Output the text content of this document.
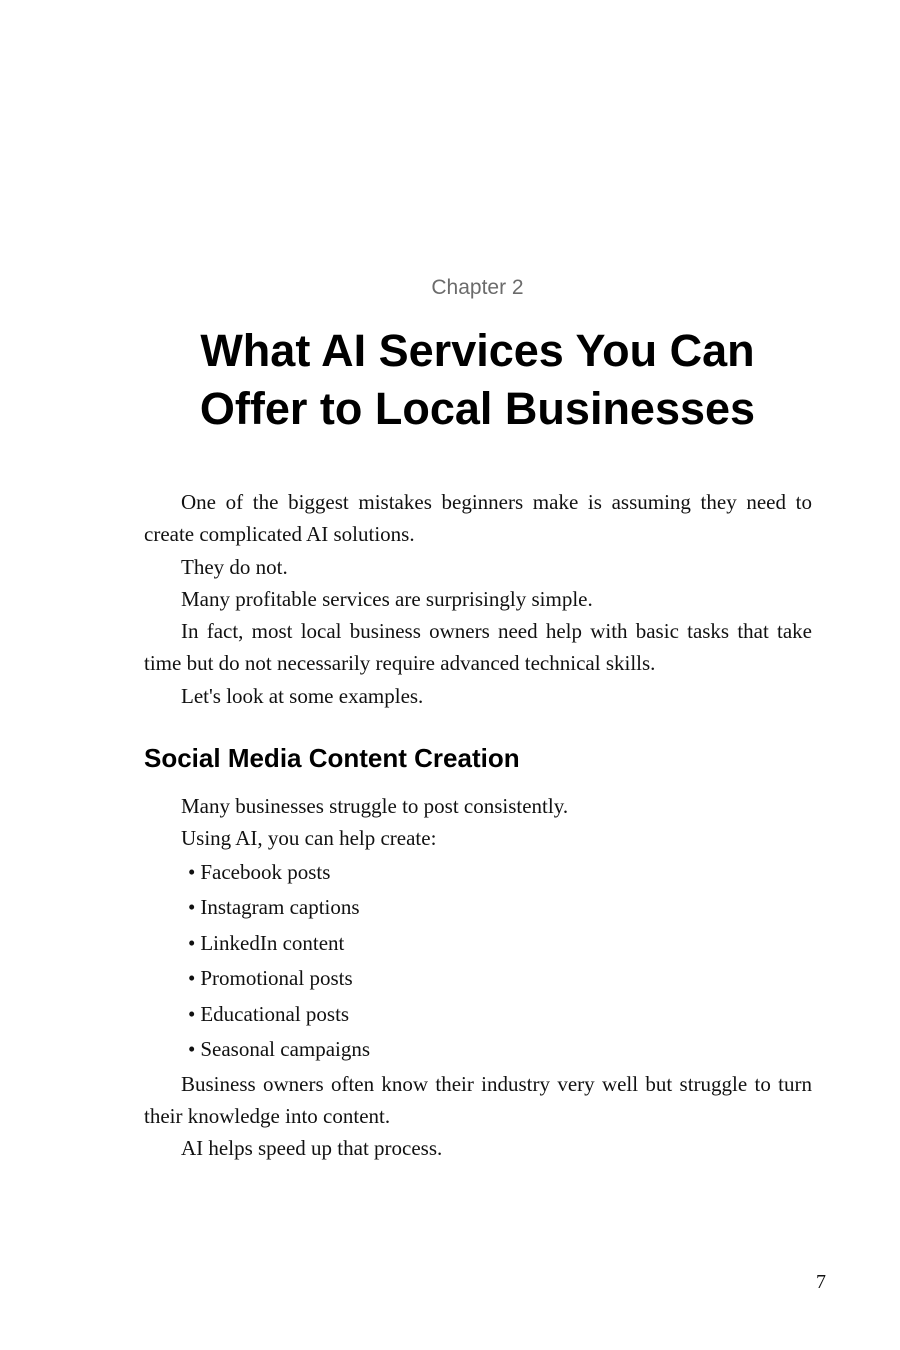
Chapter 2
What AI Services You Can
Offer to Local Businesses

One of the biggest mistakes beginners make is assuming they need to create complicated AI solutions.

They do not.

Many profitable services are surprisingly simple.

In fact, most local business owners need help with basic tasks that take time but do not necessarily require advanced technical skills.

Let's look at some examples.

Social Media Content Creation

Many businesses struggle to post consistently.

Using AI, you can help create:

• Facebook posts
• Instagram captions
• LinkedIn content
• Promotional posts
• Educational posts
• Seasonal campaigns

Business owners often know their industry very well but struggle to turn their knowledge into content.

AI helps speed up that process.

7
